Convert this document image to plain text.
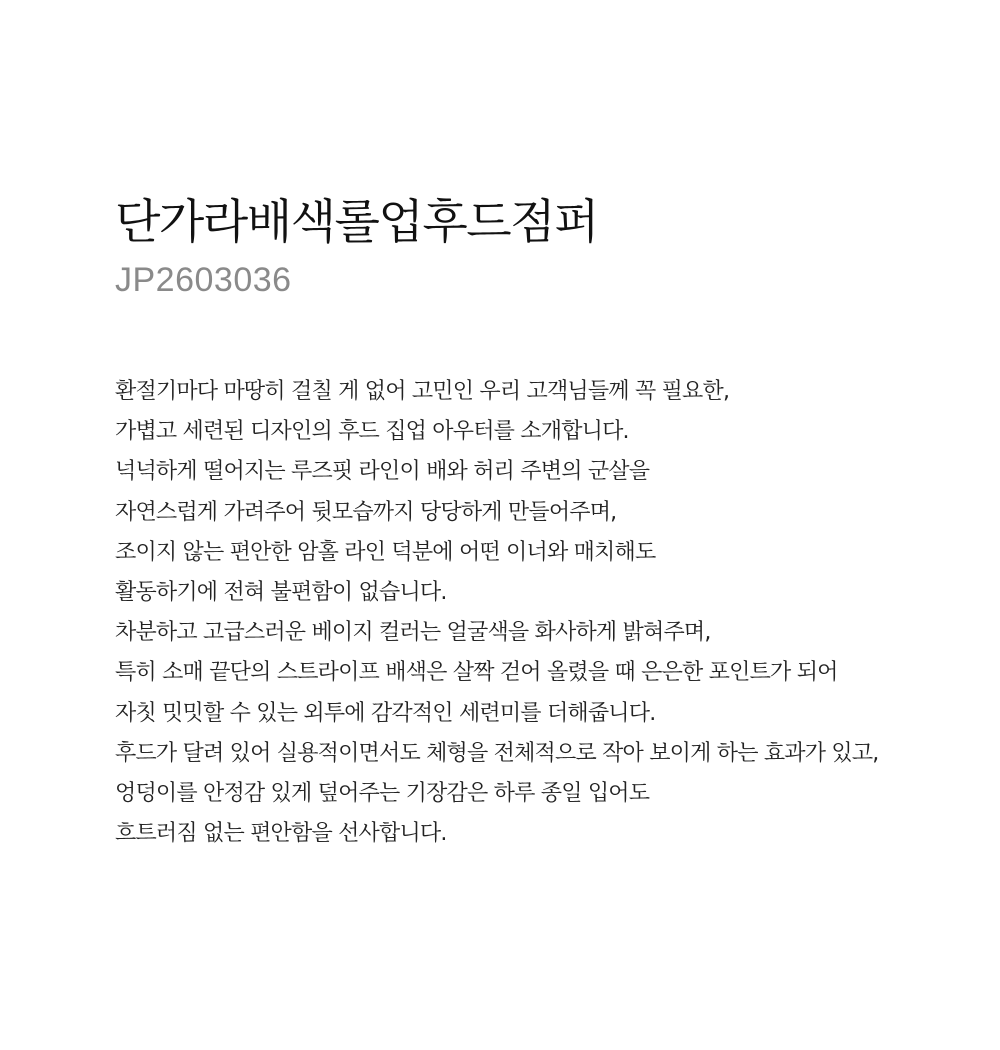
단가라배색롤업후드점퍼

JP2603036

환절기마다 마땅히 걸칠 게 없어 고민인 우리 고객님들께 꼭 필요한,
가볍고 세련된 디자인의 후드 집업 아우터를 소개합니다.
넉넉하게 떨어지는 루즈핏 라인이 배와 허리 주변의 군살을
자연스럽게 가려주어 뒷모습까지 당당하게 만들어주며,
조이지 않는 편안한 암홀 라인 덕분에 어떤 이너와 매치해도
활동하기에 전혀 불편함이 없습니다.
차분하고 고급스러운 베이지 컬러는 얼굴색을 화사하게 밝혀주며,
특히 소매 끝단의 스트라이프 배색은 살짝 걷어 올렸을 때 은은한 포인트가 되어
자칫 밋밋할 수 있는 외투에 감각적인 세련미를 더해줍니다.
후드가 달려 있어 실용적이면서도 체형을 전체적으로 작아 보이게 하는 효과가 있고,
엉덩이를 안정감 있게 덮어주는 기장감은 하루 종일 입어도
흐트러짐 없는 편안함을 선사합니다.
